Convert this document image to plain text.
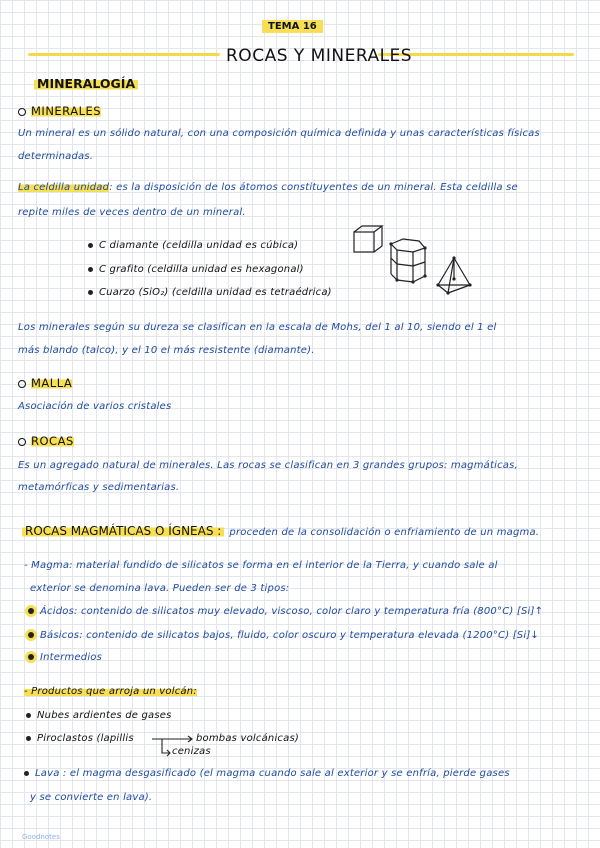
TEMA 16
ROCAS Y MINERALES
MINERALOGÍA
MINERALES
Un mineral es un sólido natural, con una composición química definida y unas características físicas
determinadas.
La celdilla unidad: es la disposición de los átomos constituyentes de un mineral. Esta celdilla se
repite miles de veces dentro de un mineral.
C diamante (celdilla unidad es cúbica)
C grafito (celdilla unidad es hexagonal)
Cuarzo (SiO₂) (celdilla unidad es tetraédrica)
Los minerales según su dureza se clasifican en la escala de Mohs, del 1 al 10, siendo el 1 el
más blando (talco), y el 10 el más resistente (diamante).
MALLA
Asociación de varios cristales
ROCAS
Es un agregado natural de minerales. Las rocas se clasifican en 3 grandes grupos: magmáticas,
metamórficas y sedimentarias.
ROCAS MAGMÁTICAS O ÍGNEAS : proceden de la consolidación o enfriamiento de un magma.
- Magma: material fundido de silicatos se forma en el interior de la Tierra, y cuando sale al
exterior se denomina lava. Pueden ser de 3 tipos:
Ácidos: contenido de silicatos muy elevado, viscoso, color claro y temperatura fría (800°C) [Si]↑
Básicos: contenido de silicatos bajos, fluido, color oscuro y temperatura elevada (1200°C) [Si]↓
Intermedios
- Productos que arroja un volcán:
Nubes ardientes de gases
Piroclastos (lapillis	bombas volcánicas)
cenizas
Lava : el magma desgasificado (el magma cuando sale al exterior y se enfría, pierde gases
y se convierte en lava).
Goodnotes
